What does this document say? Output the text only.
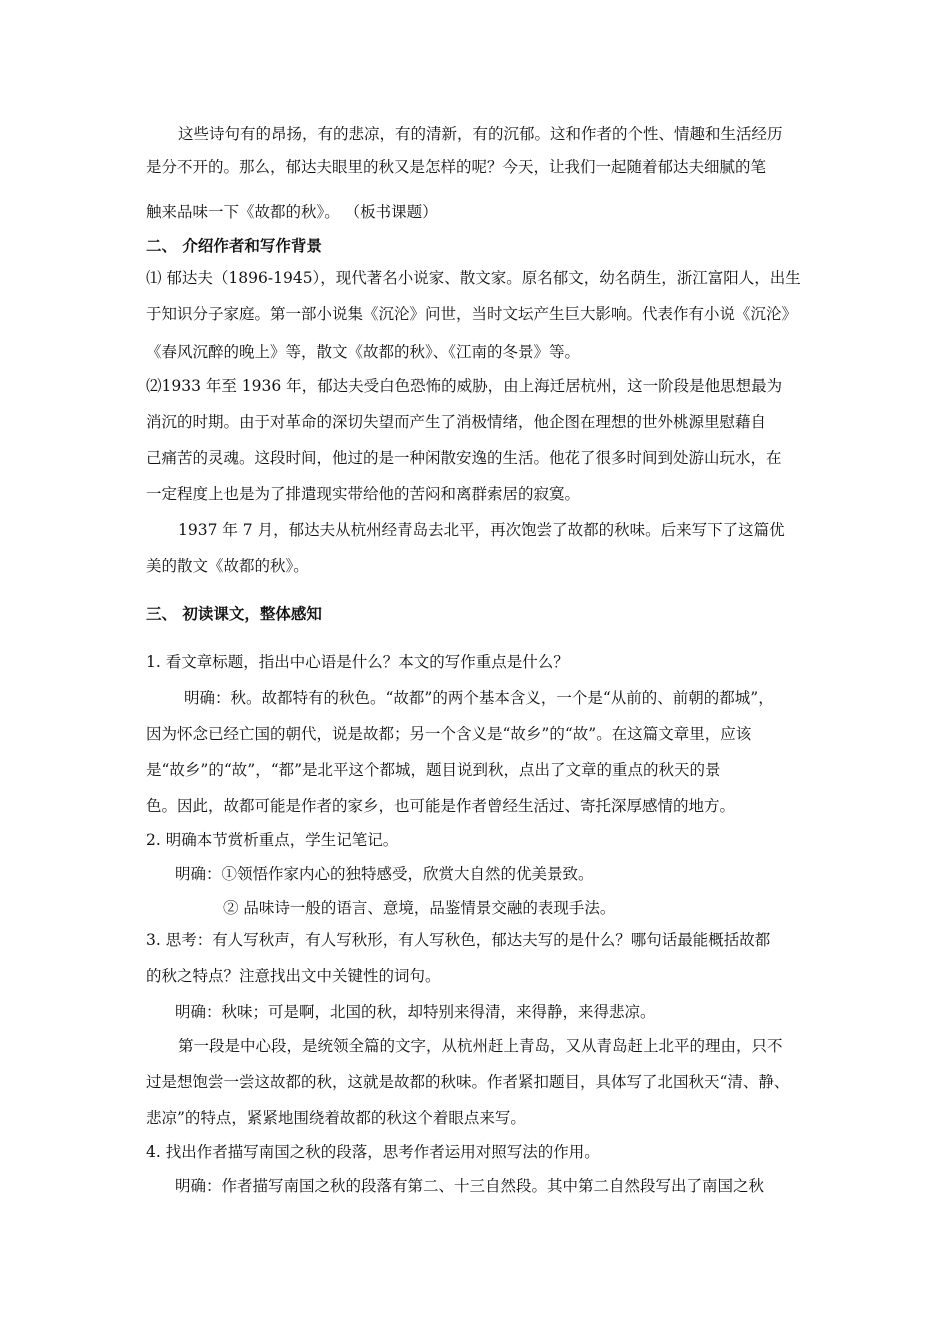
这些诗句有的昂扬，有的悲凉，有的清新，有的沉郁。这和作者的个性、情趣和生活经历

是分不开的。那么，郁达夫眼里的秋又是怎样的呢？今天，让我们一起随着郁达夫细腻的笔

触来品味一下《故都的秋》。 （板书课题）

二、 介绍作者和写作背景

⑴ 郁达夫（1896-1945），现代著名小说家、散文家。原名郁文，幼名荫生，浙江富阳人，出生

于知识分子家庭。第一部小说集《沉沦》问世，当时文坛产生巨大影响。代表作有小说《沉沦》

《春风沉醉的晚上》等，散文《故都的秋》、《江南的冬景》等。

⑵1933 年至 1936 年，郁达夫受白色恐怖的威胁，由上海迁居杭州，这一阶段是他思想最为

消沉的时期。由于对革命的深切失望而产生了消极情绪，他企图在理想的世外桃源里慰藉自

己痛苦的灵魂。这段时间，他过的是一种闲散安逸的生活。他花了很多时间到处游山玩水，在

一定程度上也是为了排遣现实带给他的苦闷和离群索居的寂寞。

1937 年 7 月，郁达夫从杭州经青岛去北平，再次饱尝了故都的秋味。后来写下了这篇优

美的散文《故都的秋》。

三、 初读课文，整体感知

1. 看文章标题，指出中心语是什么？本文的写作重点是什么？

明确：秋。故都特有的秋色。“故都”的两个基本含义，一个是“从前的、前朝的都城”，

因为怀念已经亡国的朝代，说是故都；另一个含义是“故乡”的“故”。在这篇文章里，应该

是“故乡”的“故”，“都”是北平这个都城，题目说到秋，点出了文章的重点的秋天的景

色。因此，故都可能是作者的家乡，也可能是作者曾经生活过、寄托深厚感情的地方。

2. 明确本节赏析重点，学生记笔记。

明确：①领悟作家内心的独特感受，欣赏大自然的优美景致。

② 品味诗一般的语言、意境，品鉴情景交融的表现手法。

3. 思考：有人写秋声，有人写秋形，有人写秋色，郁达夫写的是什么？哪句话最能概括故都

的秋之特点？注意找出文中关键性的词句。

明确：秋味；可是啊，北国的秋，却特别来得清，来得静，来得悲凉。

第一段是中心段，是统领全篇的文字，从杭州赶上青岛，又从青岛赶上北平的理由，只不

过是想饱尝一尝这故都的秋，这就是故都的秋味。作者紧扣题目，具体写了北国秋天“清、静、

悲凉”的特点，紧紧地围绕着故都的秋这个着眼点来写。

4. 找出作者描写南国之秋的段落，思考作者运用对照写法的作用。

明确：作者描写南国之秋的段落有第二、十三自然段。其中第二自然段写出了南国之秋
